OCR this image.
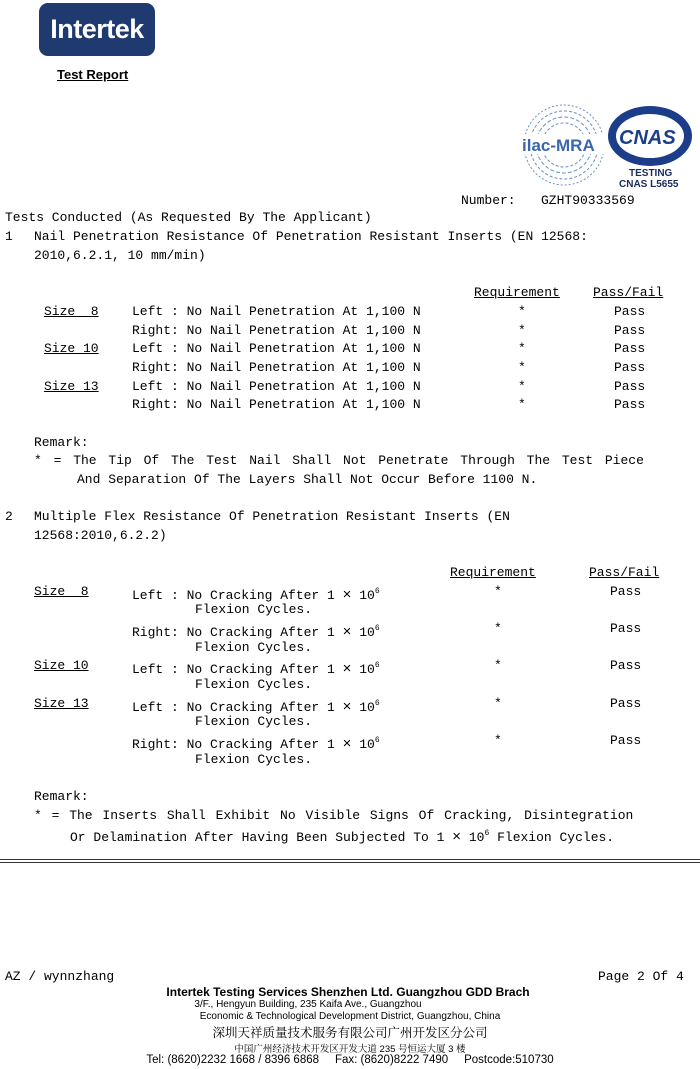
Intertek
Test Report
ilac-MRA CNAS
TESTING
CNAS L5655
Number: GZHT90333569
Tests Conducted (As Requested By The Applicant)
1 Nail Penetration Resistance Of Penetration Resistant Inserts (EN 12568:
2010,6.2.1, 10 mm/min)
Requirement	Pass/Fail
Size  8	Left : No Nail Penetration At 1,100 N	*	Pass
Right: No Nail Penetration At 1,100 N	*	Pass
Size 10	Left : No Nail Penetration At 1,100 N	*	Pass
Right: No Nail Penetration At 1,100 N	*	Pass
Size 13	Left : No Nail Penetration At 1,100 N	*	Pass
Right: No Nail Penetration At 1,100 N	*	Pass
Remark:
* = The Tip Of The Test Nail Shall Not Penetrate Through The Test Piece
And Separation Of The Layers Shall Not Occur Before 1100 N.
2 Multiple Flex Resistance Of Penetration Resistant Inserts (EN
12568:2010,6.2.2)
Requirement	Pass/Fail
Size  8	Left : No Cracking After $1 \times 10^6$
Flexion Cycles.
*	Pass
Right: No Cracking After $1 \times 10^6$
Flexion Cycles.
*	Pass
Size 10	Left : No Cracking After $1 \times 10^6$
Flexion Cycles.
*	Pass
Size 13	Left : No Cracking After $1 \times 10^6$
Flexion Cycles.
*	Pass
Right: No Cracking After $1 \times 10^6$
Flexion Cycles.
*	Pass
Remark:
* = The Inserts Shall Exhibit No Visible Signs Of Cracking, Disintegration
Or Delamination After Having Been Subjected To $1 \times 10^6$ Flexion Cycles.
AZ / wynnzhang	Page 2 Of 4
Intertek Testing Services Shenzhen Ltd. Guangzhou GDD Brach
3/F., Hengyun Building, 235 Kaifa Ave., Guangzhou
Economic & Technological Development District, Guangzhou, China
深圳天祥质量技术服务有限公司广州开发区分公司
中国广州经济技术开发区开发大道 235 号恒运大厦 3 楼
Tel: (8620)2232 1668 / 8396 6868     Fax: (8620)8222 7490     Postcode:510730
